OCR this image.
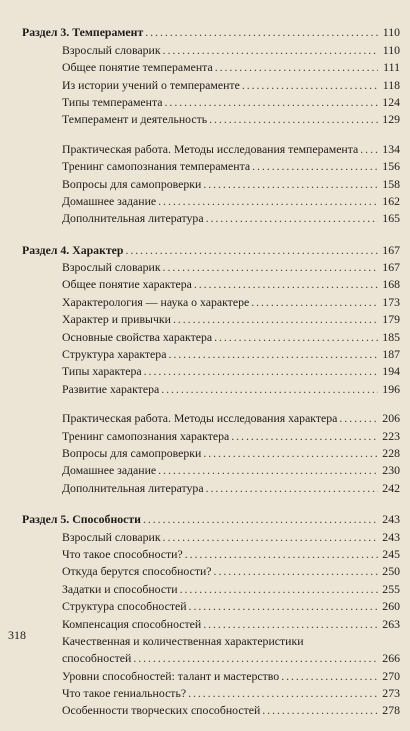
Раздел 3. Темперамент . . .	110
Взрослый словарик . . .	110
Общее понятие темперамента . . .	111
Из истории учений о темпераменте . . .	118
Типы темперамента . . .	124
Темперамент и деятельность . . .	129
Практическая работа. Методы исследования темперамента . . . 134
Тренинг самопознания темперамента . . .	156
Вопросы для самопроверки . . .	158
Домашнее задание . . .	162
Дополнительная литература . . .	165
Раздел 4. Характер . . .	167
Взрослый словарик . . .	167
Общее понятие характера . . .	168
Характерология — наука о характере . . .	173
Характер и привычки . . .	179
Основные свойства характера . . .	185
Структура характера . . .	187
Типы характера . . .	194
Развитие характера . . .	196
Практическая работа. Методы исследования характера . . .	206
Тренинг самопознания характера . . .	223
Вопросы для самопроверки . . .	228
Домашнее задание . . .	230
Дополнительная литература . . .	242
Раздел 5. Способности . . .	243
Взрослый словарик . . .	243
Что такое способности? . . .	245
Откуда берутся способности? . . .	250
Задатки и способности . . .	255
Структура способностей . . .	260
Компенсация способностей . . .	263
Качественная и количественная характеристики
способностей . . .	266
Уровни способностей: талант и мастерство . . .	270
Что такое гениальность? . . .	273
Особенности творческих способностей . . .	278
318
